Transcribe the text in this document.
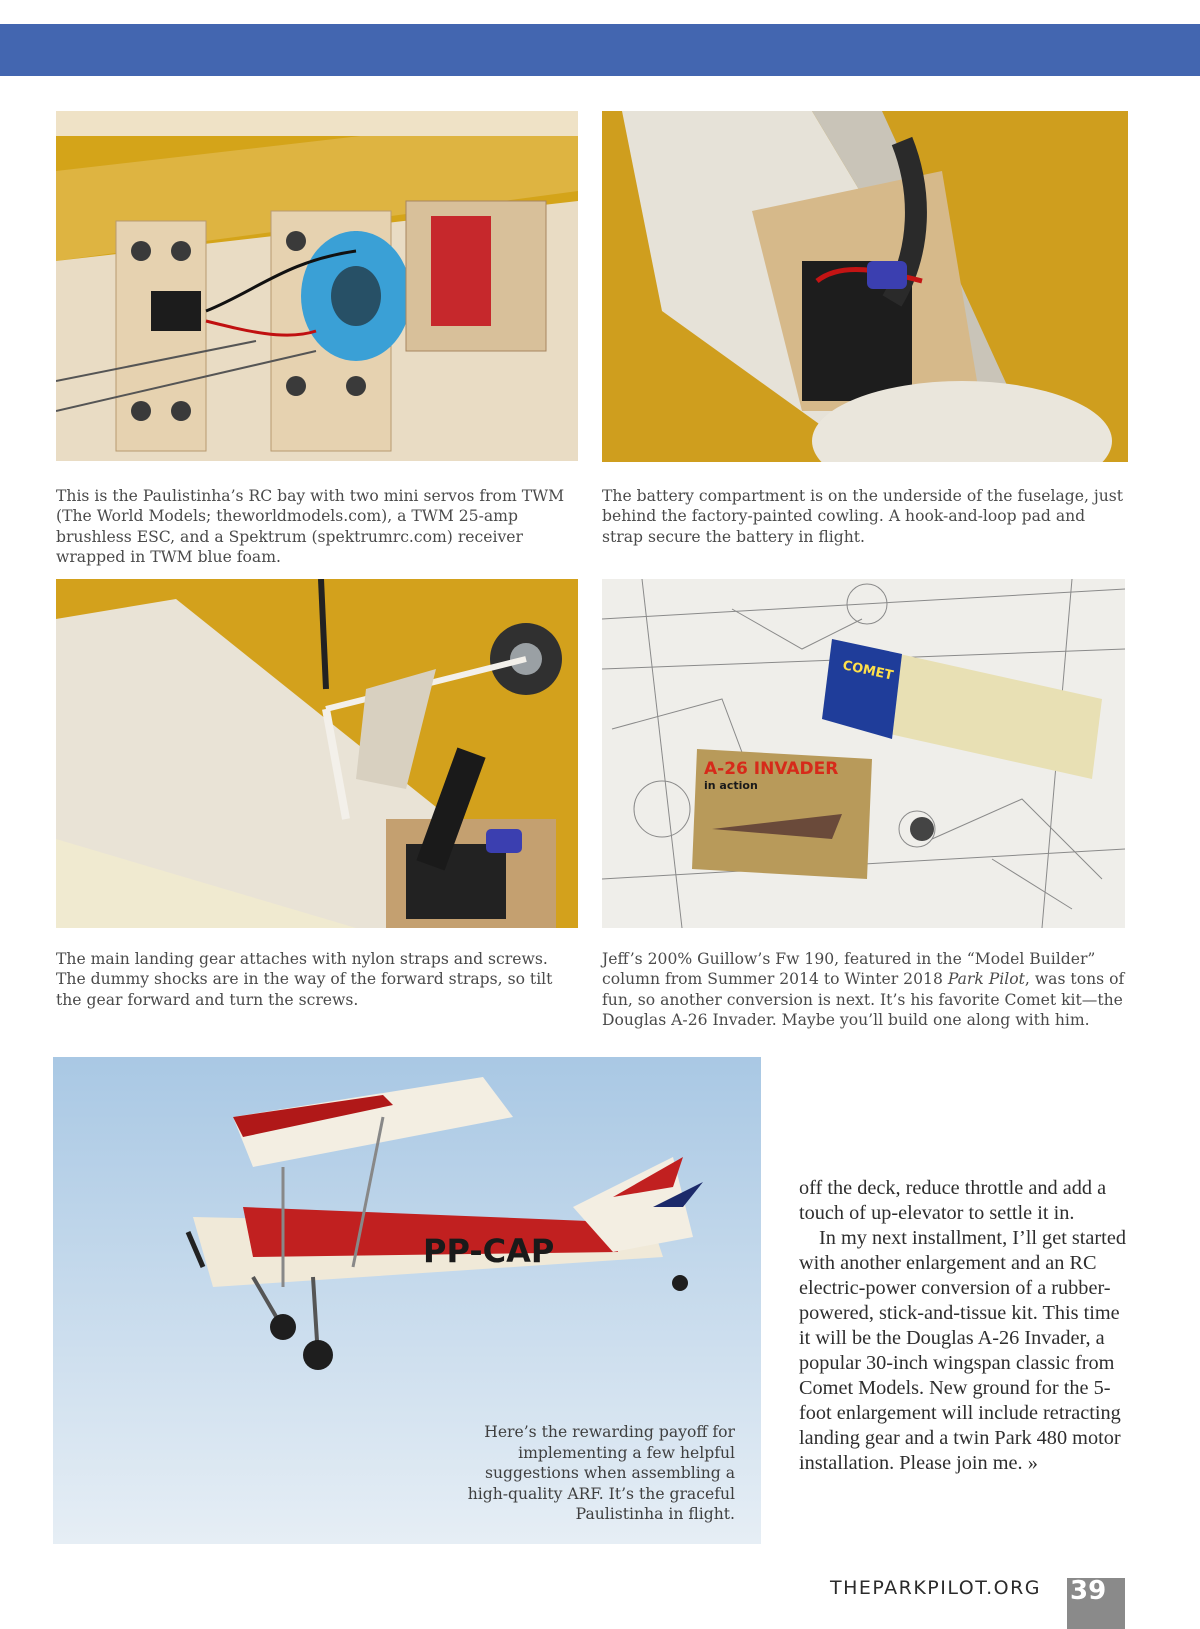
This is the Paulistinha’s RC bay with two mini servos from TWM (The World Models; theworldmodels.com), a TWM 25-amp brushless ESC, and a Spektrum (spektrumrc.com) receiver wrapped in TWM blue foam.

The battery compartment is on the underside of the fuselage, just behind the factory-painted cowling. A hook-and-loop pad and strap secure the battery in flight.

COMET
A-26 INVADER
in action

The main landing gear attaches with nylon straps and screws. The dummy shocks are in the way of the forward straps, so tilt the gear forward and turn the screws.

Jeff’s 200% Guillow’s Fw 190, featured in the “Model Builder” column from Summer 2014 to Winter 2018 Park Pilot, was tons of fun, so another conversion is next. It’s his favorite Comet kit—the Douglas A-26 Invader. Maybe you’ll build one along with him.

PP-CAP

Here’s the rewarding payoff for implementing a few helpful suggestions when assembling a high-quality ARF. It’s the graceful Paulistinha in flight.

off the deck, reduce throttle and add a touch of up-elevator to settle it in.

In my next installment, I’ll get started with another enlargement and an RC electric-power conversion of a rubber-powered, stick-and-tissue kit. This time it will be the Douglas A-26 Invader, a popular 30-inch wingspan classic from Comet Models. New ground for the 5-foot enlargement will include retracting landing gear and a twin Park 480 motor installation. Please join me. »

THEPARKPILOT.ORG 39
